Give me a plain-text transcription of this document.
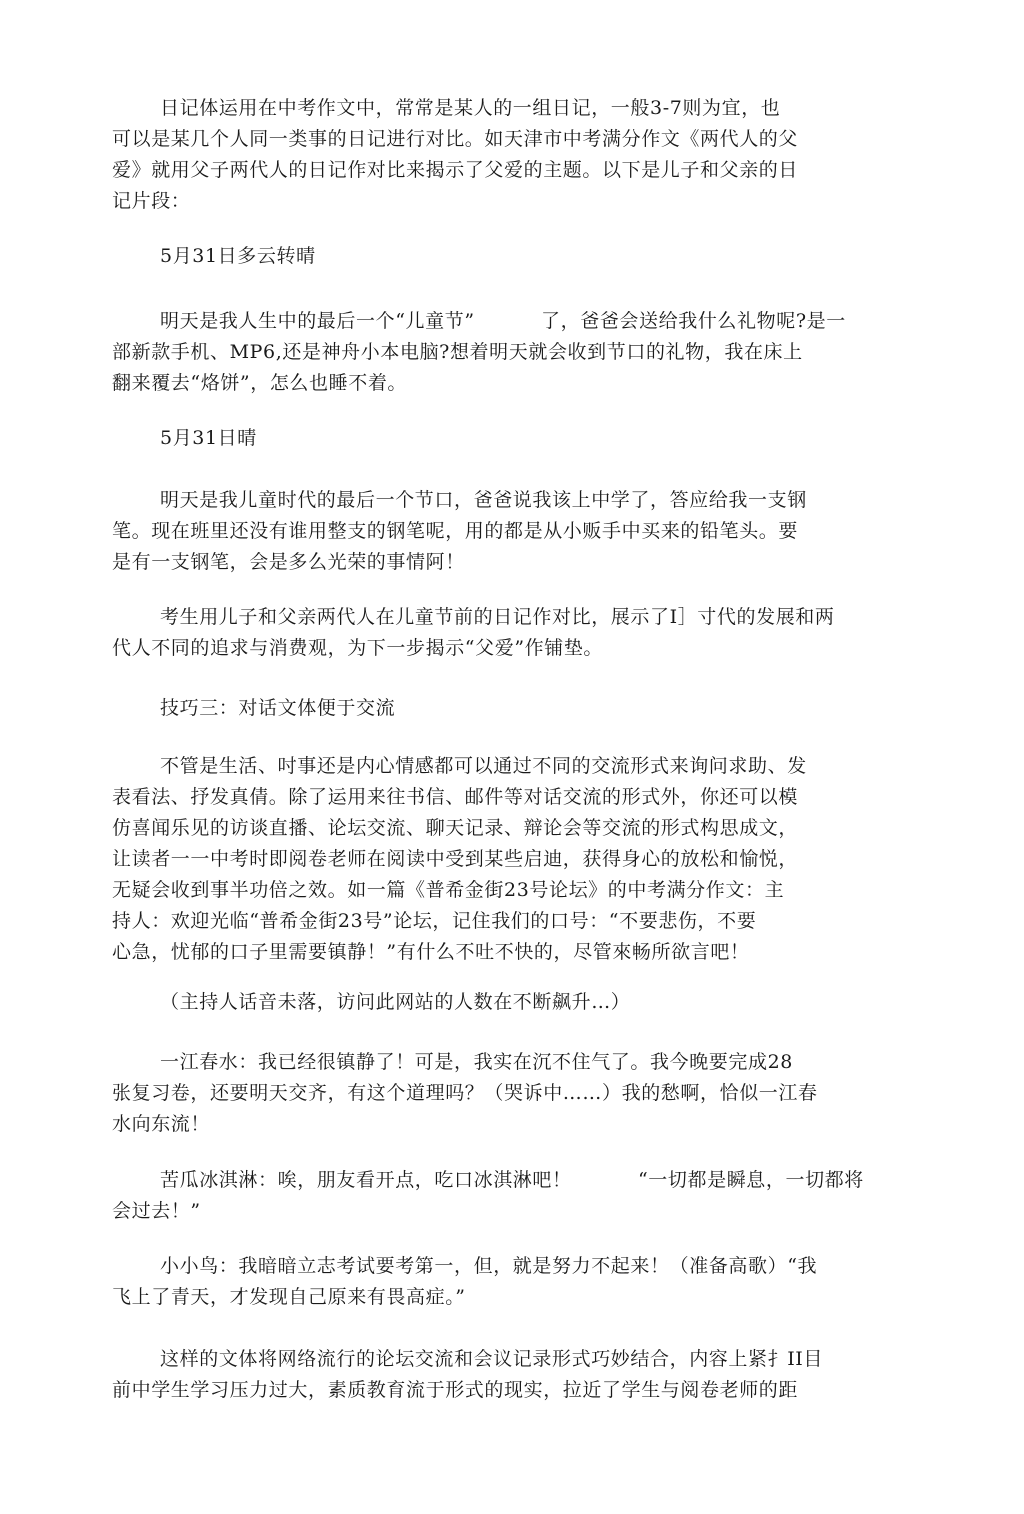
日记体运用在中考作文中，常常是某人的一组日记，一般3-7则为宜，也
可以是某几个人同一类事的日记进行对比。如天津市中考满分作文《两代人的父
爱》就用父子两代人的日记作对比来揭示了父爱的主题。以下是儿子和父亲的日
记片段：
5月31日多云转晴
明天是我人生中的最后一个“儿童节”          了，爸爸会送给我什么礼物呢?是一
部新款手机、MP6,还是神舟小本电脑?想着明天就会收到节口的礼物，我在床上
翻来覆去“烙饼”，怎么也睡不着。
5月31日晴
明天是我儿童时代的最后一个节口，爸爸说我该上中学了，答应给我一支钢
笔。现在班里还没有谁用整支的钢笔呢，用的都是从小贩手中买来的铅笔头。要
是有一支钢笔，会是多么光荣的事情阿！
考生用儿子和父亲两代人在儿童节前的日记作对比，展示了I］寸代的发展和两
代人不同的追求与消费观，为下一步揭示“父爱”作铺垫。
技巧三：对话文体便于交流
不管是生活、吋事还是内心情感都可以通过不同的交流形式来询问求助、发
表看法、抒发真倩。除了运用来往书信、邮件等对话交流的形式外，你还可以模
仿喜闻乐见的访谈直播、论坛交流、聊天记录、辩论会等交流的形式构思成文，
让读者一一中考时即阅卷老师在阅读中受到某些启迪，获得身心的放松和愉悦，
无疑会收到事半功倍之效。如一篇《普希金街23号论坛》的中考满分作文：主
持人：欢迎光临“普希金街23号”论坛，记住我们的口号：“不要悲伤，不要
心急，忧郁的口子里需要镇静！”有什么不吐不快的，尽管來畅所欲言吧！
（主持人话音未落，访问此网站的人数在不断飙升…）
一江春水：我已经很镇静了！可是，我实在沉不住气了。我今晚要完成28
张复习卷，还要明天交齐，有这个道理吗？（哭诉中……）我的愁啊，恰似一江春
水向东流！
苦瓜冰淇淋：唉，朋友看开点，吃口冰淇淋吧！          “一切都是瞬息，一切都将
会过去！”
小小鸟：我暗暗立志考试要考第一，但，就是努力不起来！（准备高歌）“我
飞上了青天，才发现自己原来有畏高症。”
这样的文体将网络流行的论坛交流和会议记录形式巧妙结合，内容上紧扌II目
前中学生学习压力过大，素质教育流于形式的现实，拉近了学生与阅卷老师的距
